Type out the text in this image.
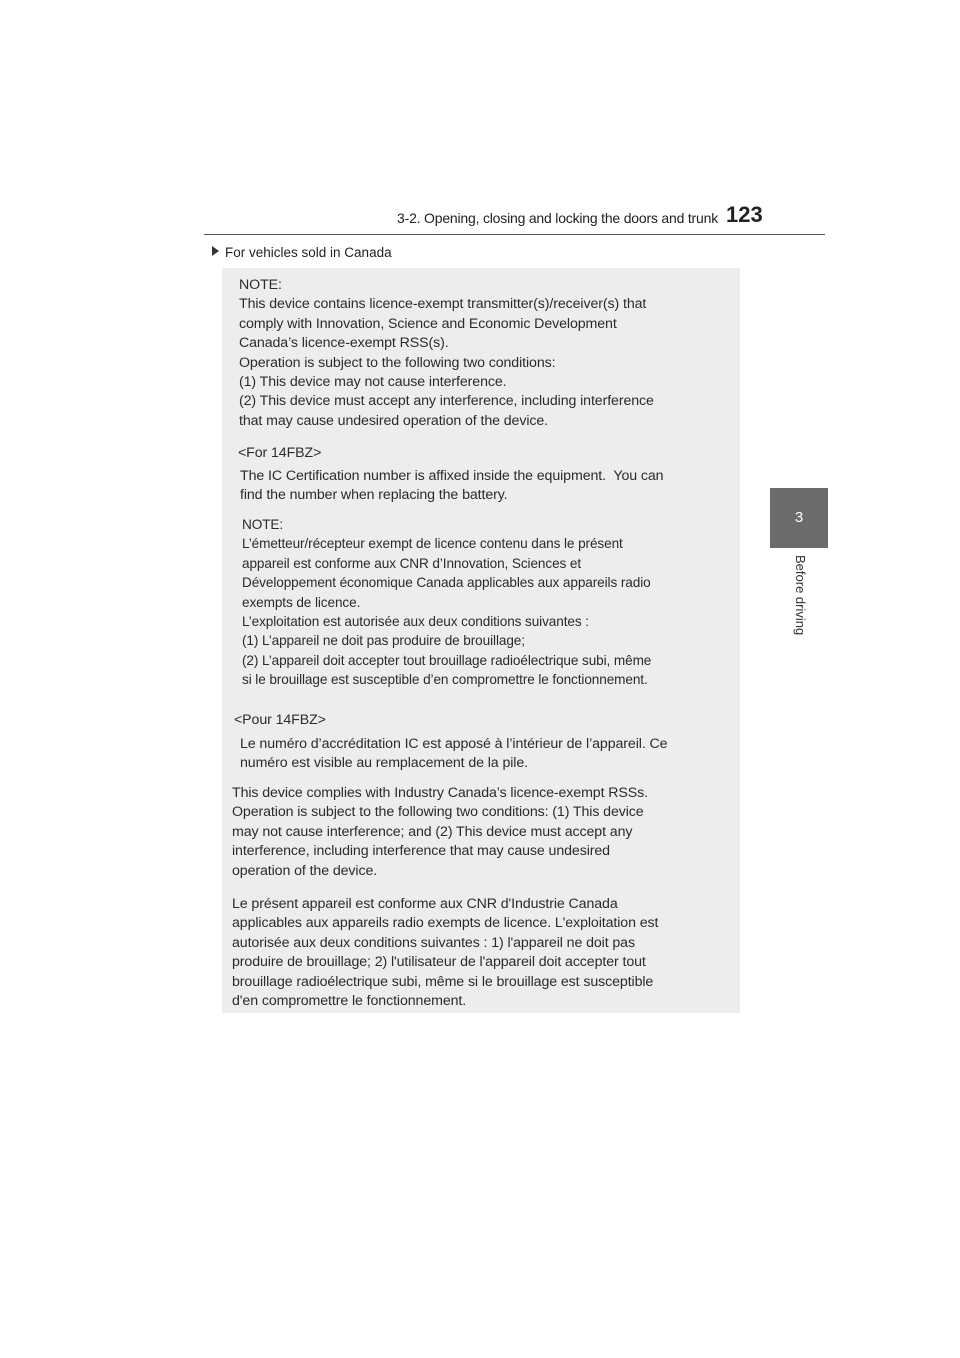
3-2. Opening, closing and locking the doors and trunk 123
3
Before driving
For vehicles sold in Canada

NOTE:
This device contains licence-exempt transmitter(s)/receiver(s) that
comply with Innovation, Science and Economic Development
Canada’s licence-exempt RSS(s).
Operation is subject to the following two conditions:
(1) This device may not cause interference.
(2) This device must accept any interference, including interference
that may cause undesired operation of the device.

<For 14FBZ>

The IC Certification number is affixed inside the equipment.  You can
find the number when replacing the battery.

NOTE:
L’émetteur/récepteur exempt de licence contenu dans le présent
appareil est conforme aux CNR d’Innovation, Sciences et
Développement économique Canada applicables aux appareils radio
exempts de licence.
L’exploitation est autorisée aux deux conditions suivantes :
(1) L’appareil ne doit pas produire de brouillage;
(2) L’appareil doit accepter tout brouillage radioélectrique subi, même
si le brouillage est susceptible d’en compromettre le fonctionnement.

<Pour 14FBZ>

Le numéro d’accréditation IC est apposé à l’intérieur de l’appareil. Ce
numéro est visible au remplacement de la pile.

This device complies with Industry Canada’s licence-exempt RSSs.
Operation is subject to the following two conditions: (1) This device
may not cause interference; and (2) This device must accept any
interference, including interference that may cause undesired
operation of the device.

Le présent appareil est conforme aux CNR d'Industrie Canada
applicables aux appareils radio exempts de licence. L'exploitation est
autorisée aux deux conditions suivantes : 1) l'appareil ne doit pas
produire de brouillage; 2) l'utilisateur de l'appareil doit accepter tout
brouillage radioélectrique subi, même si le brouillage est susceptible
d'en compromettre le fonctionnement.
